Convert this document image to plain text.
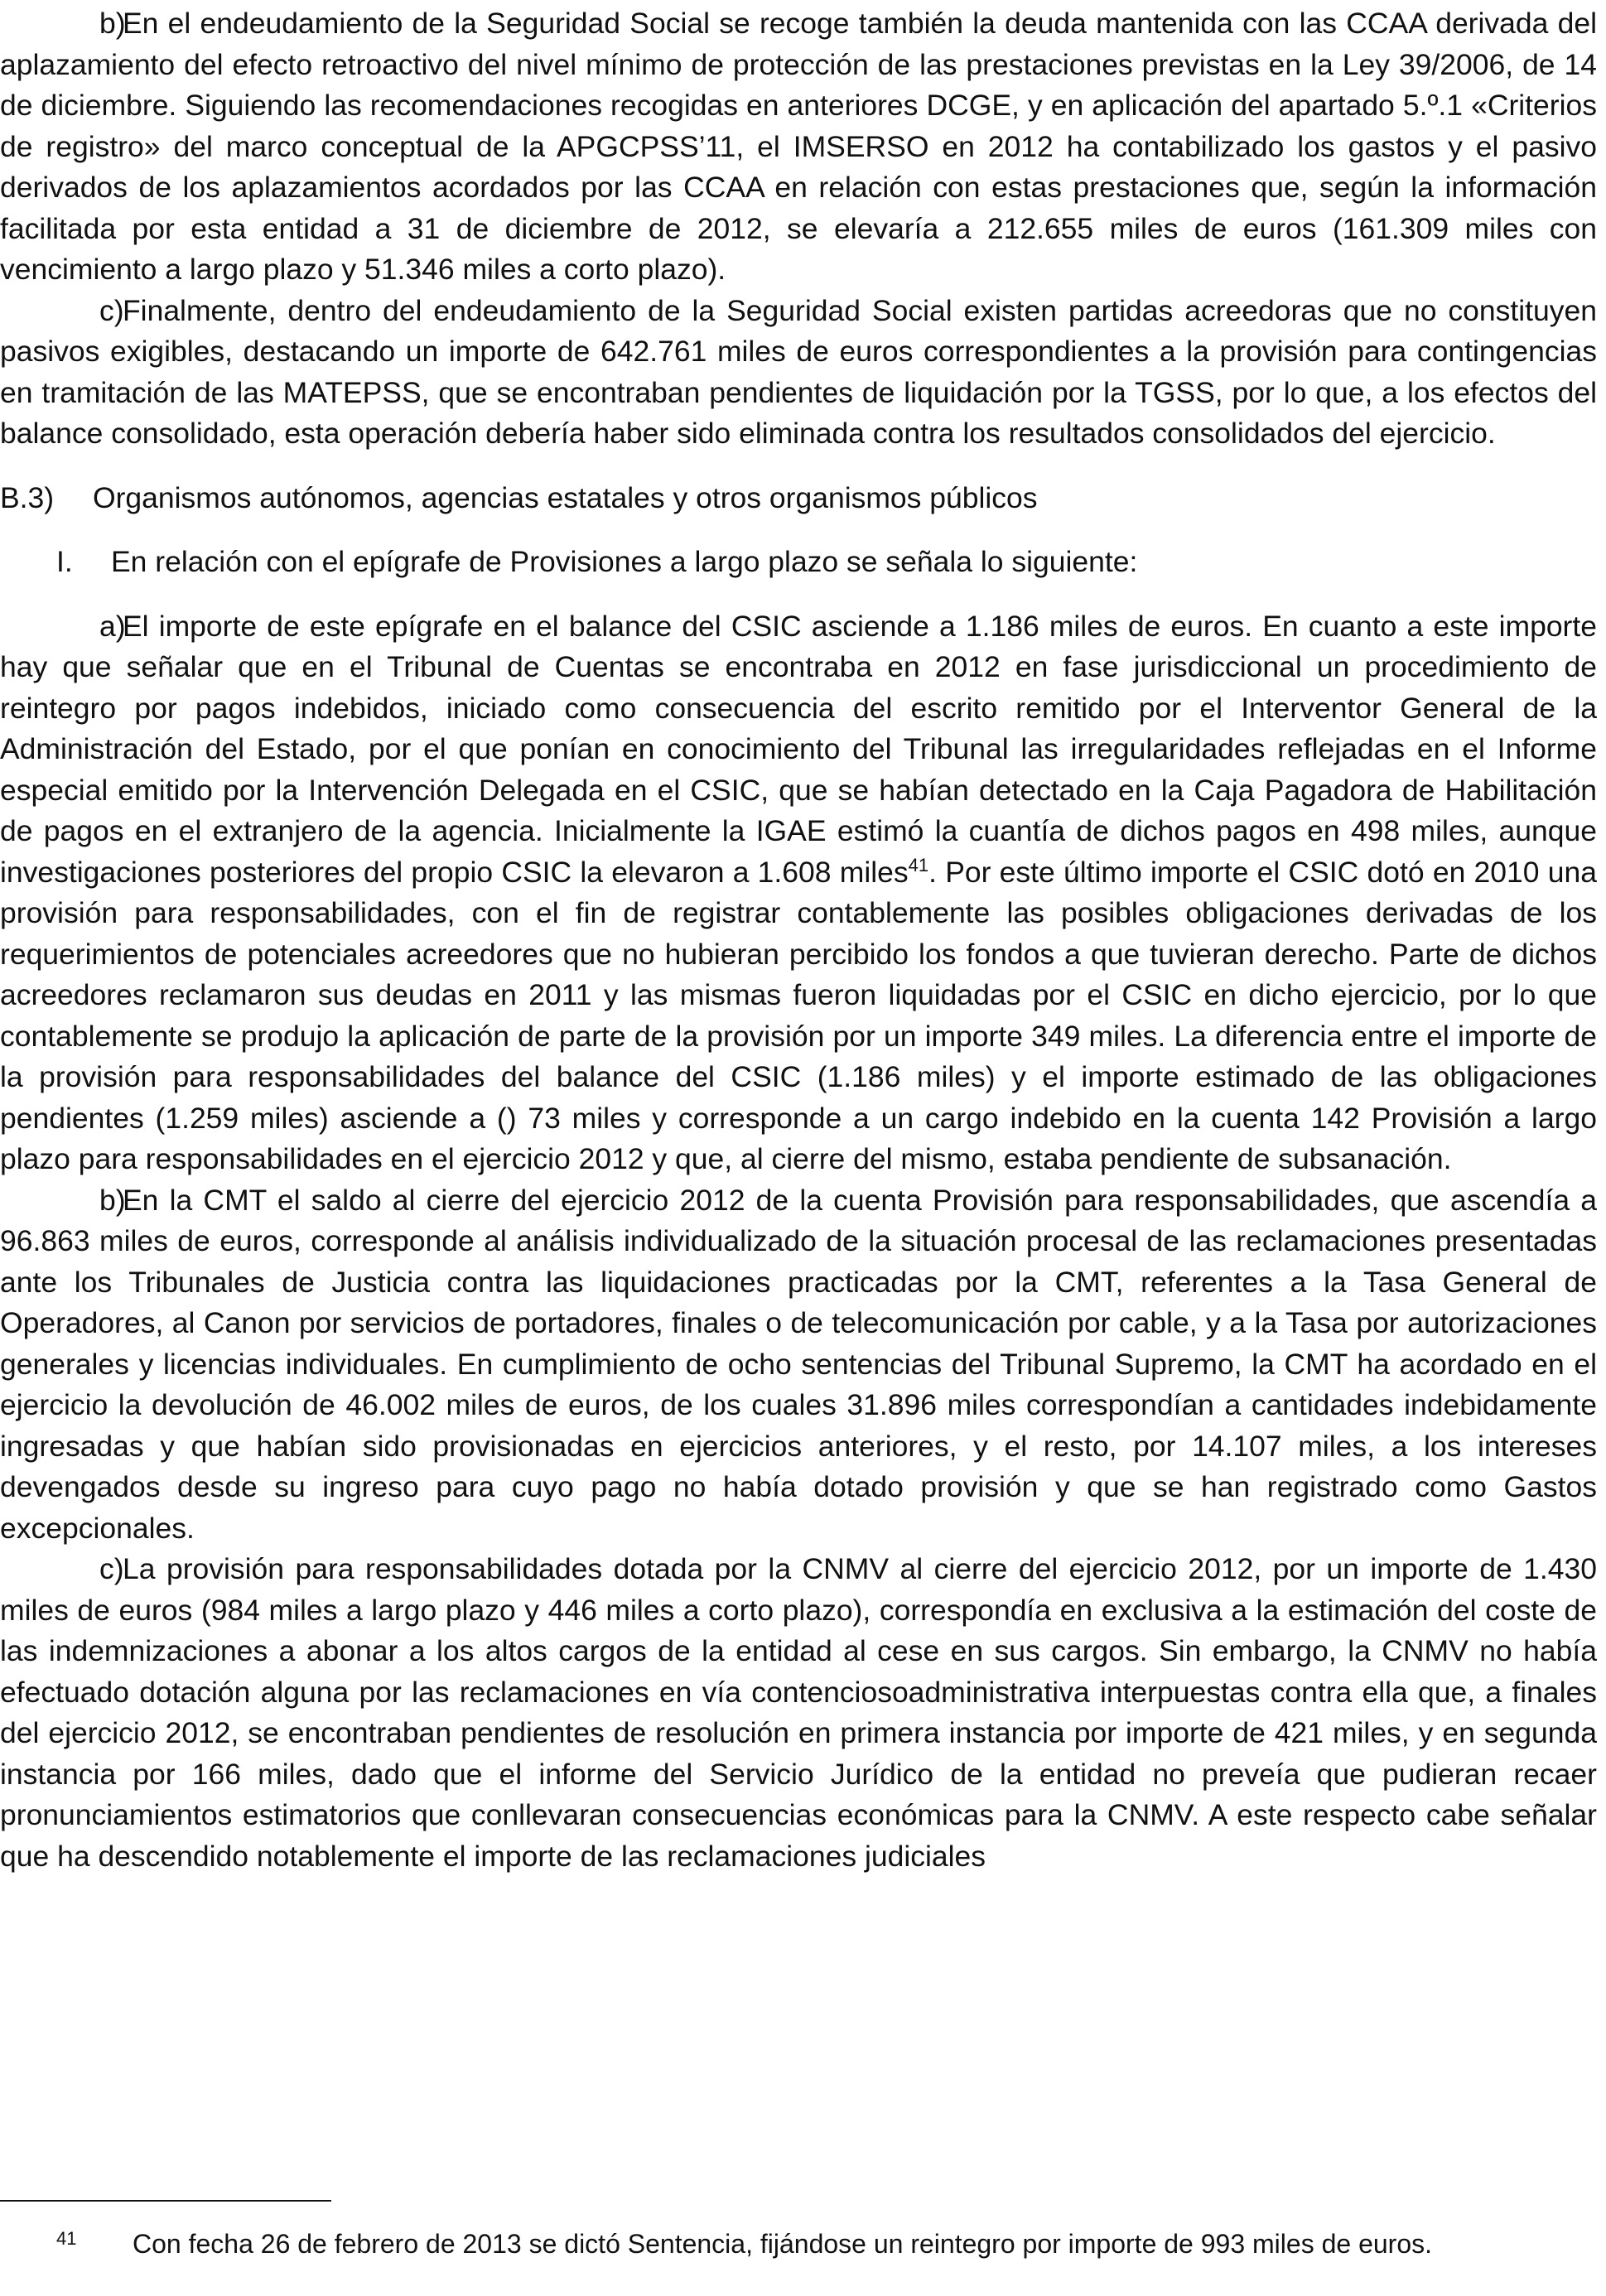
b)En el endeudamiento de la Seguridad Social se recoge también la deuda mantenida con las CCAA derivada del aplazamiento del efecto retroactivo del nivel mínimo de protección de las prestaciones previstas en la Ley 39/2006, de 14 de diciembre. Siguiendo las recomendaciones recogidas en anteriores DCGE, y en aplicación del apartado 5.º.1 «Criterios de registro» del marco conceptual de la APGCPSS’11, el IMSERSO en 2012 ha contabilizado los gastos y el pasivo derivados de los aplazamientos acordados por las CCAA en relación con estas prestaciones que, según la información facilitada por esta entidad a 31 de diciembre de 2012, se elevaría a 212.655 miles de euros (161.309 miles con vencimiento a largo plazo y 51.346 miles a corto plazo).

c)Finalmente, dentro del endeudamiento de la Seguridad Social existen partidas acreedoras que no constituyen pasivos exigibles, destacando un importe de 642.761 miles de euros correspondientes a la provisión para contingencias en tramitación de las MATEPSS, que se encontraban pendientes de liquidación por la TGSS, por lo que, a los efectos del balance consolidado, esta operación debería haber sido eliminada contra los resultados consolidados del ejercicio.

B.3) Organismos autónomos, agencias estatales y otros organismos públicos

I. En relación con el epígrafe de Provisiones a largo plazo se señala lo siguiente:

a)El importe de este epígrafe en el balance del CSIC asciende a 1.186 miles de euros. En cuanto a este importe hay que señalar que en el Tribunal de Cuentas se encontraba en 2012 en fase jurisdiccional un procedimiento de reintegro por pagos indebidos, iniciado como consecuencia del escrito remitido por el Interventor General de la Administración del Estado, por el que ponían en conocimiento del Tribunal las irregularidades reflejadas en el Informe especial emitido por la Intervención Delegada en el CSIC, que se habían detectado en la Caja Pagadora de Habilitación de pagos en el extranjero de la agencia. Inicialmente la IGAE estimó la cuantía de dichos pagos en 498 miles, aunque investigaciones posteriores del propio CSIC la elevaron a 1.608 miles$^{41}$. Por este último importe el CSIC dotó en 2010 una provisión para responsabilidades, con el fin de registrar contablemente las posibles obligaciones derivadas de los requerimientos de potenciales acreedores que no hubieran percibido los fondos a que tuvieran derecho. Parte de dichos acreedores reclamaron sus deudas en 2011 y las mismas fueron liquidadas por el CSIC en dicho ejercicio, por lo que contablemente se produjo la aplicación de parte de la provisión por un importe 349 miles. La diferencia entre el importe de la provisión para responsabilidades del balance del CSIC (1.186 miles) y el importe estimado de las obligaciones pendientes (1.259 miles) asciende a () 73 miles y corresponde a un cargo indebido en la cuenta 142 Provisión a largo plazo para responsabilidades en el ejercicio 2012 y que, al cierre del mismo, estaba pendiente de subsanación.

b)En la CMT el saldo al cierre del ejercicio 2012 de la cuenta Provisión para responsabilidades, que ascendía a 96.863 miles de euros, corresponde al análisis individualizado de la situación procesal de las reclamaciones presentadas ante los Tribunales de Justicia contra las liquidaciones practicadas por la CMT, referentes a la Tasa General de Operadores, al Canon por servicios de portadores, finales o de telecomunicación por cable, y a la Tasa por autorizaciones generales y licencias individuales. En cumplimiento de ocho sentencias del Tribunal Supremo, la CMT ha acordado en el ejercicio la devolución de 46.002 miles de euros, de los cuales 31.896 miles correspondían a cantidades indebidamente ingresadas y que habían sido provisionadas en ejercicios anteriores, y el resto, por 14.107 miles, a los intereses devengados desde su ingreso para cuyo pago no había dotado provisión y que se han registrado como Gastos excepcionales.

c)La provisión para responsabilidades dotada por la CNMV al cierre del ejercicio 2012, por un importe de 1.430 miles de euros (984 miles a largo plazo y 446 miles a corto plazo), correspondía en exclusiva a la estimación del coste de las indemnizaciones a abonar a los altos cargos de la entidad al cese en sus cargos. Sin embargo, la CNMV no había efectuado dotación alguna por las reclamaciones en vía contenciosoadministrativa interpuestas contra ella que, a finales del ejercicio 2012, se encontraban pendientes de resolución en primera instancia por importe de 421 miles, y en segunda instancia por 166 miles, dado que el informe del Servicio Jurídico de la entidad no preveía que pudieran recaer pronunciamientos estimatorios que conllevaran consecuencias económicas para la CNMV. A este respecto cabe señalar que ha descendido notablemente el importe de las reclamaciones judiciales

41 Con fecha 26 de febrero de 2013 se dictó Sentencia, fijándose un reintegro por importe de 993 miles de euros.
